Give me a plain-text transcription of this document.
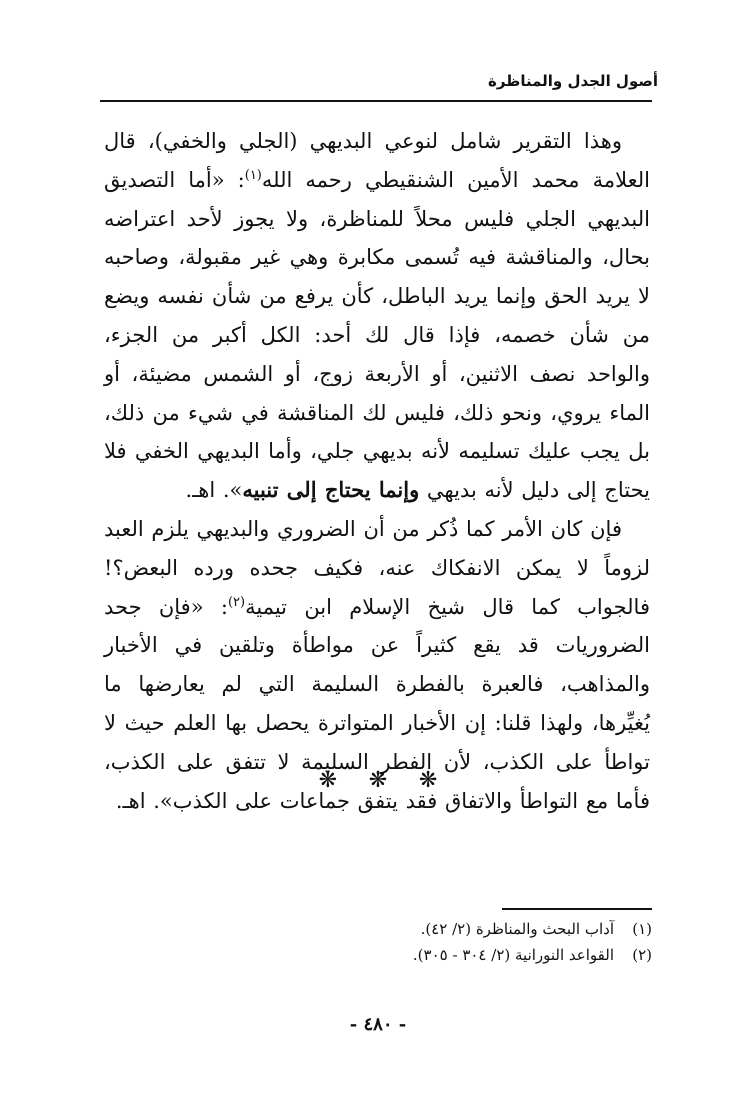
أصول الجدل والمناظرة

وهذا التقرير شامل لنوعي البديهي (الجلي والخفي)، قال العلامة محمد الأمين الشنقيطي رحمه الله$^{(١)}$: «أما التصديق البديهي الجلي فليس محلاً للمناظرة، ولا يجوز لأحد اعتراضه بحال، والمناقشة فيه تُسمى مكابرة وهي غير مقبولة، وصاحبه لا يريد الحق وإنما يريد الباطل، كأن يرفع من شأن نفسه ويضع من شأن خصمه، فإذا قال لك أحد: الكل أكبر من الجزء، والواحد نصف الاثنين، أو الأربعة زوج، أو الشمس مضيئة، أو الماء يروي، ونحو ذلك، فليس لك المناقشة في شيء من ذلك، بل يجب عليك تسليمه لأنه بديهي جلي، وأما البديهي الخفي فلا يحتاج إلى دليل لأنه بديهي وإنما يحتاج إلى تنبيه». اهـ.

فإن كان الأمر كما ذُكر من أن الضروري والبديهي يلزم العبد لزوماً لا يمكن الانفكاك عنه، فكيف جحده ورده البعض؟! فالجواب كما قال شيخ الإسلام ابن تيمية$^{(٢)}$: «فإن جحد الضروريات قد يقع كثيراً عن مواطأة وتلقين في الأخبار والمذاهب، فالعبرة بالفطرة السليمة التي لم يعارضها ما يُغيِّرها، ولهذا قلنا: إن الأخبار المتواترة يحصل بها العلم حيث لا تواطأ على الكذب، لأن الفطر السليمة لا تتفق على الكذب، فأما مع التواطأ والاتفاق فقد يتفق جماعات على الكذب». اهـ.

❋ ❋ ❋
(١)آداب البحث والمناظرة (٢/ ٤٢).
(٢)القواعد النورانية (٢/ ٣٠٤ - ٣٠٥).
- ٤٨٠ -
